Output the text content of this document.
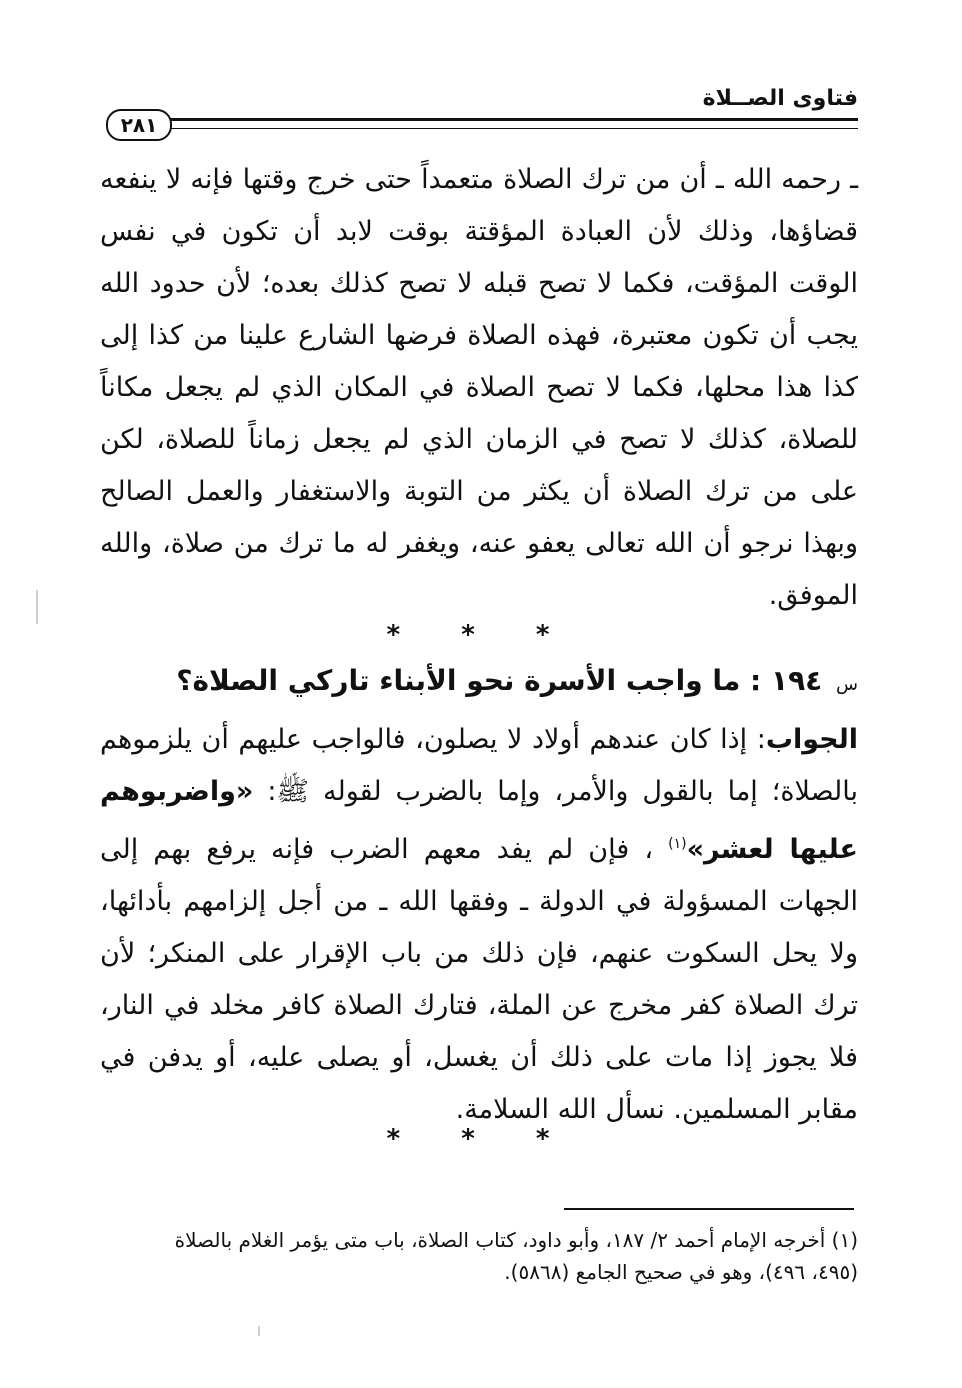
فتاوى الصــلاة
٢٨١
ـ رحمه الله ـ أن من ترك الصلاة متعمداً حتى خرج وقتها فإنه لا ينفعه قضاؤها، وذلك لأن العبادة المؤقتة بوقت لابد أن تكون في نفس الوقت المؤقت، فكما لا تصح قبله لا تصح كذلك بعده؛ لأن حدود الله يجب أن تكون معتبرة، فهذه الصلاة فرضها الشارع علينا من كذا إلى كذا هذا محلها، فكما لا تصح الصلاة في المكان الذي لم يجعل مكاناً للصلاة، كذلك لا تصح في الزمان الذي لم يجعل زماناً للصلاة، لكن على من ترك الصلاة أن يكثر من التوبة والاستغفار والعمل الصالح وبهذا نرجو أن الله تعالى يعفو عنه، ويغفر له ما ترك من صلاة، والله الموفق.
* * *
س ١٩٤ : ما واجب الأسرة نحو الأبناء تاركي الصلاة؟
الجواب: إذا كان عندهم أولاد لا يصلون، فالواجب عليهم أن يلزموهم بالصلاة؛ إما بالقول والأمر، وإما بالضرب لقوله ﷺ: «واضربوهم عليها لعشر»$^{(١)}$ ، فإن لم يفد معهم الضرب فإنه يرفع بهم إلى الجهات المسؤولة في الدولة ـ وفقها الله ـ من أجل إلزامهم بأدائها، ولا يحل السكوت عنهم، فإن ذلك من باب الإقرار على المنكر؛ لأن ترك الصلاة كفر مخرج عن الملة، فتارك الصلاة كافر مخلد في النار، فلا يجوز إذا مات على ذلك أن يغسل، أو يصلى عليه، أو يدفن في مقابر المسلمين. نسأل الله السلامة.
* * *
(١) أخرجه الإمام أحمد ٢/ ١٨٧، وأبو داود، كتاب الصلاة، باب متى يؤمر الغلام بالصلاة
(٤٩٥، ٤٩٦)، وهو في صحيح الجامع (٥٨٦٨).
